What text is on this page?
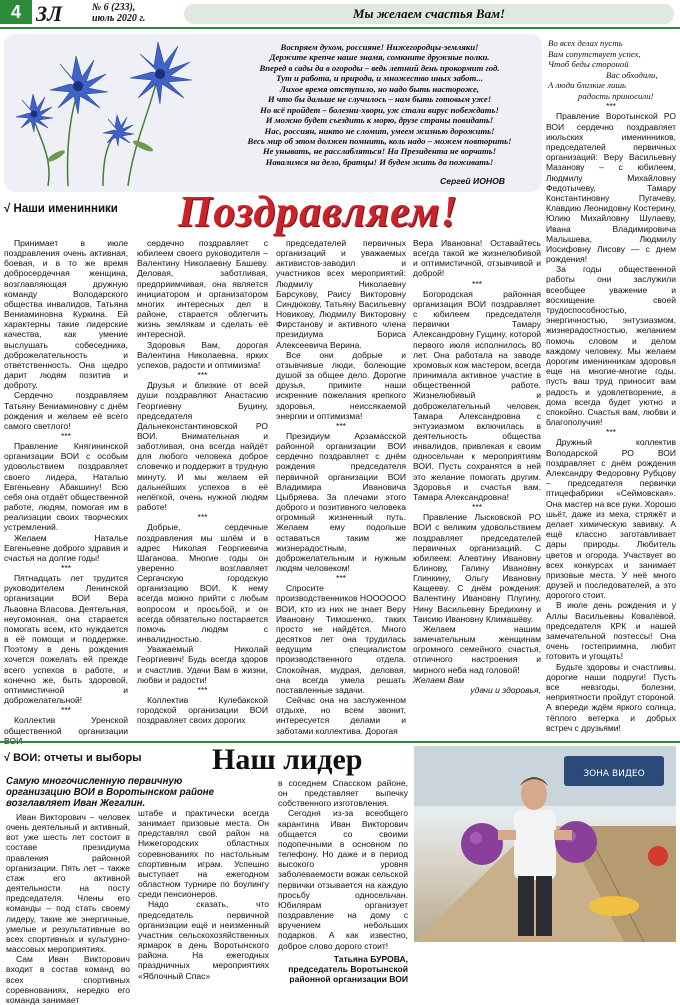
4 ЗЛ	№ 6 (233),
июль 2020 г.	Мы желаем счастья Вам!
Воспряем духом, россияне! Нижегородцы-земляки!
Держите крепче наше знамя, сомкните дружные полки.
Вперед в сады да в огороды – ведь летний день прокормит год.
Тут и работа, и природа, и множество иных забот...
Лихое время отступило, но надо быть настороже,
И что бы дальше не случилось – нам быть готовым уже!
Но всё пройдет – болезни-хвори, уж стали вирус побеждать!
И можно будет съездить к морю, друзе страны повидать!
Нас, россиян, никто не сломит, умеем жизнью дорожить!
Весь мир об этом должен помнить, коль надо – можем повторить!
Не унывать, не расслабляться! На Президента не ворчать!
Навалимся на дело, братцы! И будем жить да поживать!
Сергей ИОНОВ
Во всех делах пусть
Вам сопутствует успех,
Чтоб беды стороной
Вас обходили,
А люди близкие лишь
радость приносили!

***

Правление Воротынской РО ВОИ сердечно поздравляет июльских именинников, председателей первичных организаций: Веру Васильевну Мазанову – с юбилеем, Людмилу Михайловну Федотычеву, Тамару Константиновну Пугачеву, Клавдию Леонидовну Костерину, Юлию Михайловну Шулаеву, Ивана Владимировича Малышева, Людмилу Иосифовну Лисову — с днем рождения!

За годы общественной работы они заслужили всеобщее уважение и восхищение своей трудоспособностью, энергичностью, энтузиазмом, жизнерадостностью, желанием помочь словом и делом каждому человеку. Мы желаем дорогим именинникам здоровья еще на многие-многие годы, пусть ваш труд приносит вам радость и удовлетворение, а дома всегда будет уютно и спокойно. Счастья вам, любви и благополучия!

***

Дружный коллектив Володарской РО ВОИ поздравляет с днём рождения Александру Федоровну Рубцову – председателя первички птицефабрики «Сеймовская». Она мастер на все руки. Хорошо шьёт, даже из меха, стряжёт и делает химическую завивку. А ещё классно заготавливает дары природы. Любитель цветов и огорода. Участвует во всех конкурсах и занимает призовые места. У неё много друзей и последователей, а это дорогого стоит.

В июле день рождения и у Аллы Васильевны Ковалёвой, председателя КРК и нашей замечательной поэтессы! Она очень гостеприимна, любит готовить и угощать!

Будьте здоровы и счастливы, дорогие наши подруги! Пусть все невзгоды, болезни, неприятности пройдут стороной. А впереди ждём яркого солнца, тёплого ветерка и добрых встреч с друзьями!

√ Наши именинники Поздравляем!

Принимает в июле поздравления очень активная, боевая, и в то же время добросердечная женщина, возглавляющая дружную команду Володарского общества инвалидов, Татьяна Вениаминовна Куркина. Ей характерны такие лидерские качества, как умение выслушать собеседника, доброжелательность и ответственность. Она щедро дарит людям позитив и доброту.

Сердечно поздравляем Татьяну Вениаминовну с днём рождения и желаем её всего самого светлого!

***

Правление Княгининской организации ВОИ с особым удовольствием поздравляет своего лидера, Наталью Евгеньевну Абакшину! Всю себя она отдаёт общественной работе, людям, помогая им в реализации своих творческих устремлений.

Желаем Наталье Евгеньевне доброго здравия и счастья на долгие годы!

***

Пятнадцать лет трудится руководителем Ленинской организации ВОИ Вера Львовна Власова. Деятельная, неугомонная, она старается помогать всем, кто нуждается в её помощи и поддержке. Поэтому в день рождения хочется пожелать ей прежде всего успехов в работе, и конечно же, быть здоровой, оптимистичной и доброжелательной!

***

Коллектив Уренской общественной организации

сердечно поздравляет с юбилеем своего руководителя – Валентину Николаевну Башеву. Деловая, заботливая, предприимчивая, она является инициатором и организатором многих интересных дел в районе, старается облегчить жизнь землякам и сделать её интересной.

Здоровья Вам, дорогая Валентина Николаевна, ярких успехов, радости и оптимизма!

***

Друзья и близкие от всей души поздравляют Анастасию Георгиевну Буцину, председателя Дальнеконстантиновской РО ВОИ. Внимательная и заботливая, она всегда найдёт для любого человека доброе словечко и поддержит в трудную минуту. И мы желаем ей дальнейших успехов в её нелёгкой, очень нужной людям работе!

***

Добрые, сердечные поздравления мы шлём и в адрес Николая Георгиевича Шаганова. Многие годы он уверенно возглавляет Сергачскую городскую организацию ВОИ. К нему всегда можно прийти с любым вопросом и просьбой, и он всегда обязательно постарается помочь людям с инвалидностью.

Уважаемый Николай Георгиевич! Будь всегда здоров и счастлив. Удачи Вам в жизни, любви и радости!

***

Коллектив Кулебакской городской организации ВОИ поздравляет своих дорогих

председателей первичных организаций и уважаемых активистов-заводил и участников всех мероприятий: Людмилу Николаевну Барсукову, Раису Викторовну Синдюкову, Татьяну Васильевну Новикову, Людмилу Викторовну Фирстанову и активного члена президиума Бориса Алексеевича Верина.

Все они добрые и отзывчивые люди, болеющие душой за общее дело. Дорогие друзья, примите наши искренние пожелания крепкого здоровья, неиссякаемой энергии и оптимизма!

***

Президиум Арзамасской районной организации ВОИ сердечно поздравляет с днём рождения председателя первичной организации ВОИ Владимира Ивановича Цыбряева. За плечами этого доброго и позитивного человека огромный жизненный путь. Желаем ему подольше оставаться таким же жизнерадостным, доброжелательным и нужным людям человеком!

***

Спросите производственников НОООООО ВОИ, кто из них не знает Веру Ивановну Тимошенко, таких просто не найдётся. Много десятков лет она трудилась ведущим специалистом производственного отдела. Спокойная, мудрая, деловая, она всегда умела решать поставленные задачи.

Сейчас она на заслуженном отдыхе, но всем звонит, интересуется делами и заботами коллектива. Дорогая

Вера Ивановна! Оставайтесь всегда такой же жизнелюбивой и оптимистичной, отзывчивой и доброй!

***

Богородская районная организация ВОИ поздравляет с юбилеем председателя первички Тамару Александровну Гущину, которой первого июля исполнилось 80 лет. Она работала на заводе хромовых кож мастером, всегда принимала активное участие в общественной работе. Жизнелюбивый и доброжелательный человек, Тамара Александровна с энтузиазмом включилась в деятельность общества инвалидов, привлекая к своим одноcельчан к мероприятиям ВОИ. Пусть сохранятся в ней это желание помогать другим. Здоровья и счастья вам, Тамара Александровна!

***

Правление Лысковской РО ВОИ с великим удовольствием поздравляет председателей первичных организаций. С юбилеем: Алевтину Ивановну Блинову, Галину Ивановну Глинкину, Ольгу Ивановну Кащееву. С днём рождения: Валентину Ивановну Плугину, Нину Васильевну Бредихину и Таисию Ивановну Климашёву.

Желаем нашим замечательным женщинам огромного семейного счастья, отличного настроения и мирного неба над головой!

Желаем Вам

удачи и здоровья,

√ ВОИ: отчеты и выборы Наш лидер
Самую многочисленную первичную организацию ВОИ в Воротынском районе возглавляет Иван Жегалин.

Иван Викторович – человек очень деятельный и активный, вот уже шесть лет состоит в составе президиума правления районной организации. Пять лет – также стаж его активной деятельности на посту председателя. Члены его команды – под стать своему лидеру, такие же энергичные, умелые и результативные во всех спортивных и культурно-массовых мероприятиях.

Сам Иван Викторович входит в состав команд во всех спортивных соревнованиях, нередко его команда занимает

штабе и практически всегда занимает призовые места. Он представлял свой район на Нижегородских областных соревнованиях по настольным спортивным играм. Успешно выступает на ежегодном областном турнире по боулингу среди пенсионеров.

Надо сказать, что председатель первичной организации ещё и неизменный участник сельскохозяйственных ярмарок в день Воротынского района. На ежегодных праздничных мероприятиях «Яблочный Спас»

в соседнем Спасском районе, он представляет выпечку собственного изготовления.

Сегодня из-за всеобщего карантина Иван Викторович общается со своими подопечными в основном по телефону. Но даже и в период высокого уровня заболеваемости вожак сельской первички отзывается на каждую просьбу одноcельчан. Юбилярам организует поздравление на дому с вручением небольших подарков. А как известно, доброе слово дорого стоит!

Татьяна БУРОВА, председатель Воротынской районной организации ВОИ

ЗОНА ВИДЕО
